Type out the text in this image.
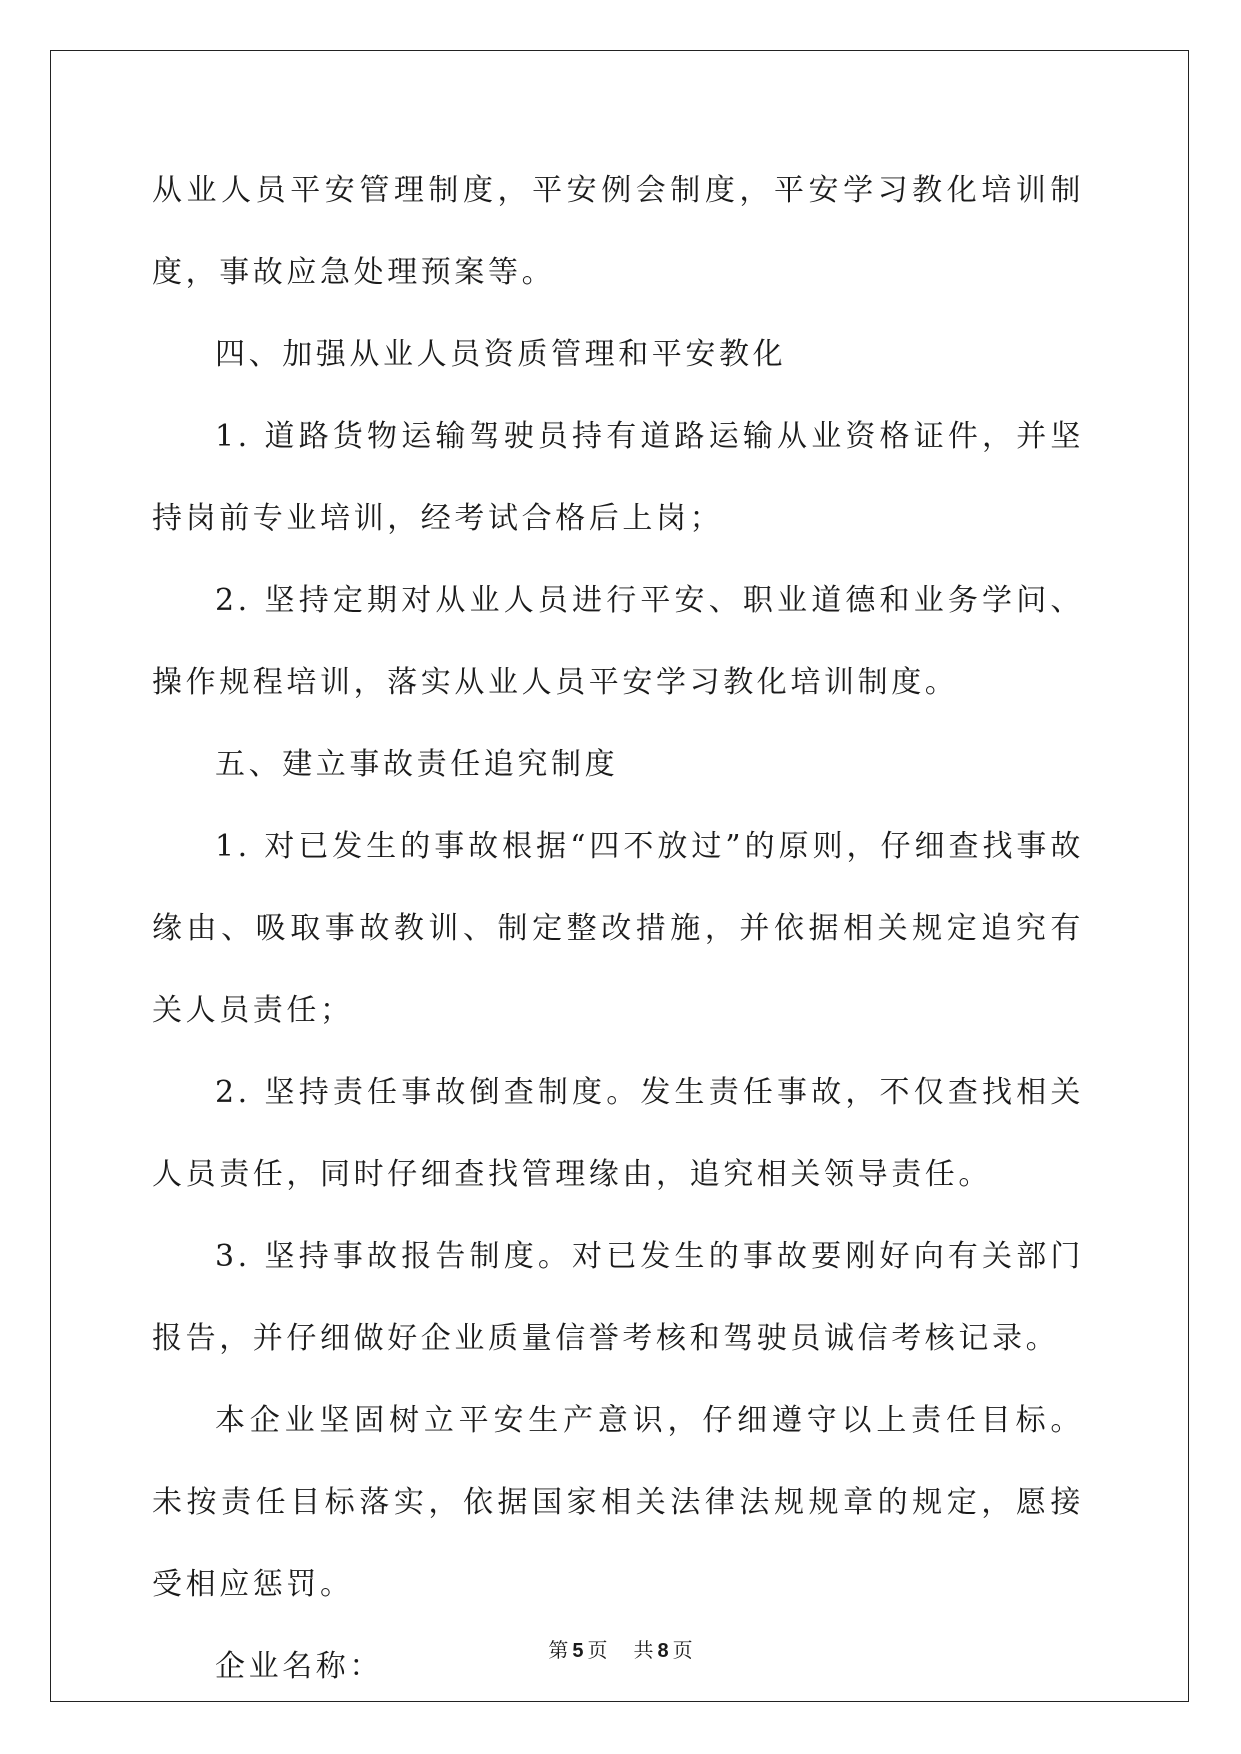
从业人员平安管理制度，平安例会制度，平安学习教化培训制度，事故应急处理预案等。

四、加强从业人员资质管理和平安教化

1. 道路货物运输驾驶员持有道路运输从业资格证件，并坚持岗前专业培训，经考试合格后上岗；

2. 坚持定期对从业人员进行平安、职业道德和业务学问、操作规程培训，落实从业人员平安学习教化培训制度。

五、建立事故责任追究制度

1. 对已发生的事故根据“四不放过”的原则，仔细查找事故缘由、吸取事故教训、制定整改措施，并依据相关规定追究有关人员责任；

2. 坚持责任事故倒查制度。发生责任事故，不仅查找相关人员责任，同时仔细查找管理缘由，追究相关领导责任。

3. 坚持事故报告制度。对已发生的事故要刚好向有关部门报告，并仔细做好企业质量信誉考核和驾驶员诚信考核记录。

本企业坚固树立平安生产意识，仔细遵守以上责任目标。未按责任目标落实，依据国家相关法律法规规章的规定，愿接受相应惩罚。

企业名称：	第 5 页 共 8 页
